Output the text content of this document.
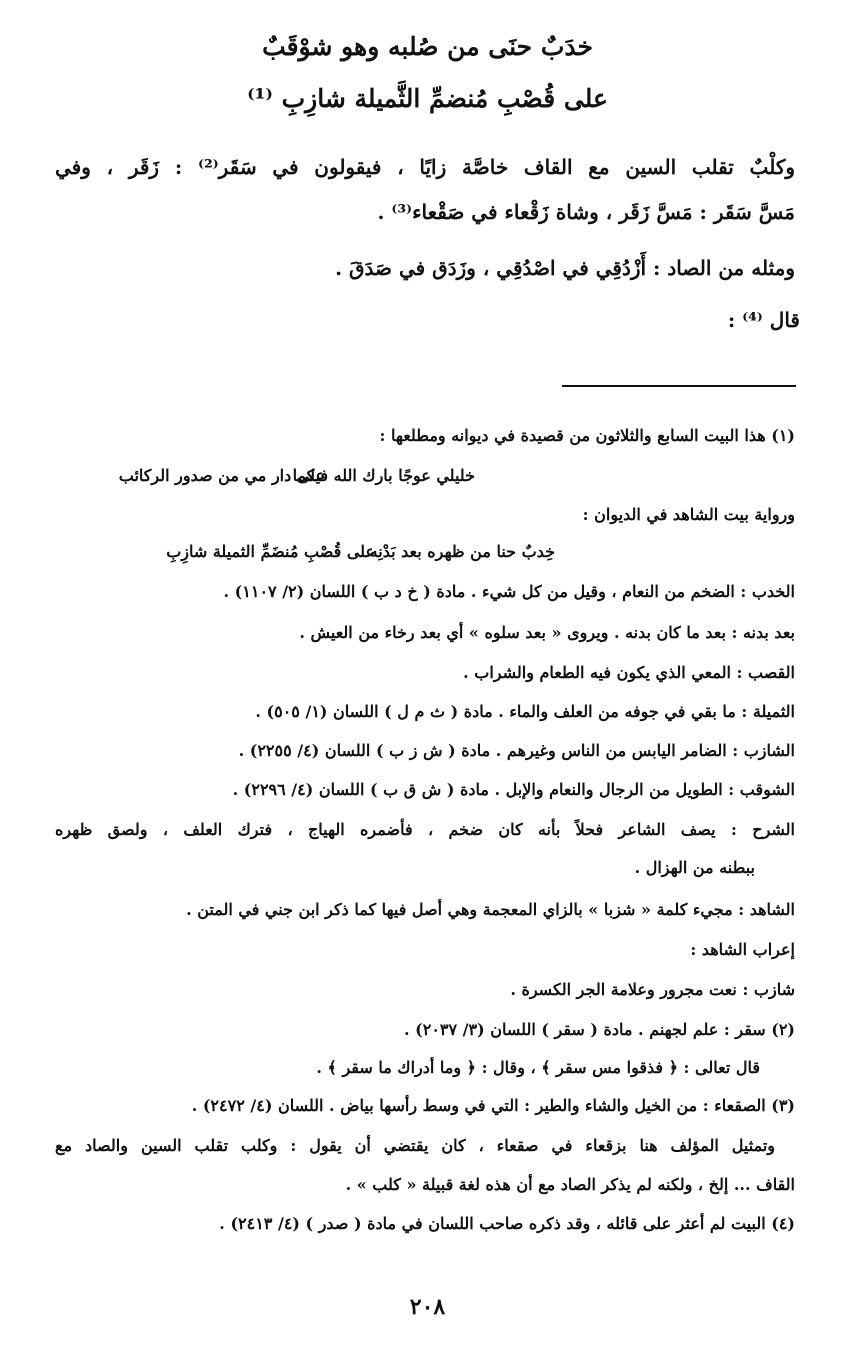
خدَبٌ حنَى من صُلبه وهو شوْقَبٌ
على قُصْبِ مُنضمِّ الثَّميلة شازِبِ ⁽¹⁾
وكلْبٌ تقلب السين مع القاف خاصَّة زايًا ، فيقولون في سَقَر⁽²⁾ : زَقَر ، وفي
مَسَّ سَقَر : مَسَّ زَقَر ، وشاة زَقْعاء في صَقْعاء⁽³⁾ .
ومثله من الصاد : أَزْدُقِي في اصْدُقِي ، وزَدَق في صَدَقَ .
قال ⁽⁴⁾ :
(١) هذا البيت السابع والثلاثون من قصيدة في ديوانه ومطلعها :
خليلي عوجًا بارك الله فيكما
على دار مي من صدور الركائب
ورواية بيت الشاهد في الديوان :
خِدبٌ حنا من ظهره بعد بَدْنِه
على قُصْبِ مُنضَمِّ الثميلة شازِبِ
الخدب : الضخم من النعام ، وقيل من كل شيء . مادة ( خ د ب ) اللسان (٢/ ١١٠٧) .
بعد بدنه : بعد ما كان بدنه . ويروى « بعد سلوه » أي بعد رخاء من العيش .
القصب : المعي الذي يكون فيه الطعام والشراب .
الثميلة : ما بقي في جوفه من العلف والماء . مادة ( ث م ل ) اللسان (١/ ٥٠٥) .
الشازب : الضامر اليابس من الناس وغيرهم . مادة ( ش ز ب ) اللسان (٤/ ٢٢٥٥) .
الشوقب : الطويل من الرجال والنعام والإبل . مادة ( ش ق ب ) اللسان (٤/ ٢٢٩٦) .
الشرح : يصف الشاعر فحلاً بأنه كان ضخم ، فأضمره الهياج ، فترك العلف ، ولصق ظهره
ببطنه من الهزال .
الشاهد : مجيء كلمة « شزبا » بالزاي المعجمة وهي أصل فيها كما ذكر ابن جني في المتن .
إعراب الشاهد :
شازب : نعت مجرور وعلامة الجر الكسرة .
(٢) سقر : علم لجهنم . مادة ( سقر ) اللسان (٣/ ٢٠٣٧) .
قال تعالى : ﴿ فذقوا مس سقر ﴾ ، وقال : ﴿ وما أدراك ما سقر ﴾ .
(٣) الصقعاء : من الخيل والشاء والطير : التي في وسط رأسها بياض . اللسان (٤/ ٢٤٧٢) .
وتمثيل المؤلف هنا بزقعاء في صقعاء ، كان يقتضي أن يقول : وكلب تقلب السين والصاد مع
القاف ... إلخ ، ولكنه لم يذكر الصاد مع أن هذه لغة قبيلة « كلب » .
(٤) البيت لم أعثر على قائله ، وقد ذكره صاحب اللسان في مادة ( صدر ) (٤/ ٢٤١٣) .
٢٠٨
